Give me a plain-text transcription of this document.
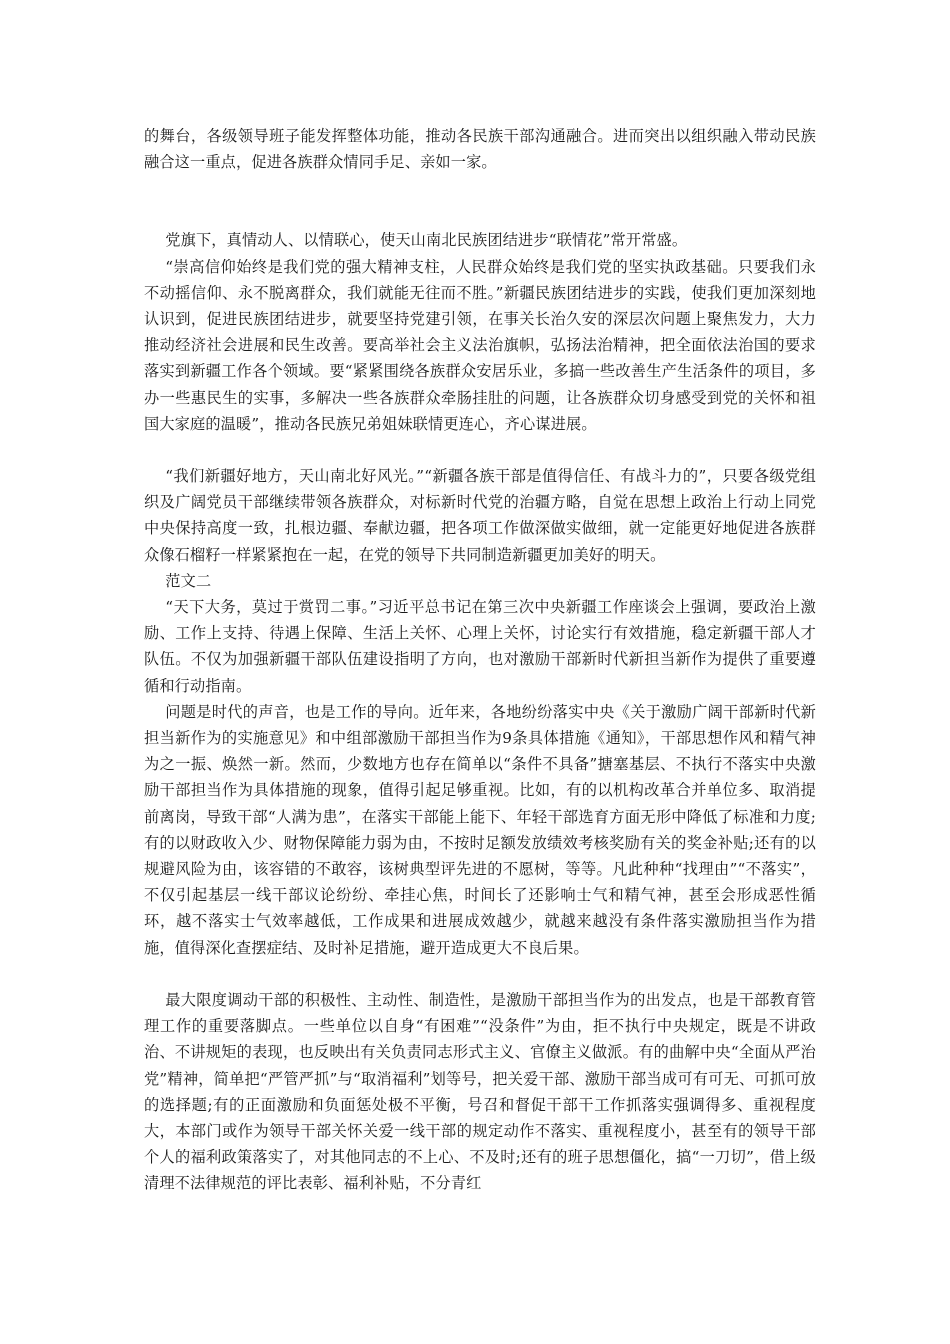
的舞台，各级领导班子能发挥整体功能，推动各民族干部沟通融合。进而突出以组织融入带动民族融合这一重点，促进各族群众情同手足、亲如一家。

党旗下，真情动人、以情联心，使天山南北民族团结进步“联情花”常开常盛。

“崇高信仰始终是我们党的强大精神支柱，人民群众始终是我们党的坚实执政基础。只要我们永不动摇信仰、永不脱离群众，我们就能无往而不胜。”新疆民族团结进步的实践，使我们更加深刻地认识到，促进民族团结进步，就要坚持党建引领，在事关长治久安的深层次问题上聚焦发力，大力推动经济社会进展和民生改善。要高举社会主义法治旗帜，弘扬法治精神，把全面依法治国的要求落实到新疆工作各个领域。要“紧紧围绕各族群众安居乐业，多搞一些改善生产生活条件的项目，多办一些惠民生的实事，多解决一些各族群众牵肠挂肚的问题，让各族群众切身感受到党的关怀和祖国大家庭的温暖”，推动各民族兄弟姐妹联情更连心，齐心谋进展。

“我们新疆好地方，天山南北好风光。”“新疆各族干部是值得信任、有战斗力的”，只要各级党组织及广阔党员干部继续带领各族群众，对标新时代党的治疆方略，自觉在思想上政治上行动上同党中央保持高度一致，扎根边疆、奉献边疆，把各项工作做深做实做细，就一定能更好地促进各族群众像石榴籽一样紧紧抱在一起，在党的领导下共同制造新疆更加美好的明天。

范文二

“天下大务，莫过于赏罚二事。”习近平总书记在第三次中央新疆工作座谈会上强调，要政治上激励、工作上支持、待遇上保障、生活上关怀、心理上关怀，讨论实行有效措施，稳定新疆干部人才队伍。不仅为加强新疆干部队伍建设指明了方向，也对激励干部新时代新担当新作为提供了重要遵循和行动指南。

问题是时代的声音，也是工作的导向。近年来，各地纷纷落实中央《关于激励广阔干部新时代新担当新作为的实施意见》和中组部激励干部担当作为9条具体措施《通知》，干部思想作风和精气神为之一振、焕然一新。然而，少数地方也存在简单以“条件不具备”搪塞基层、不执行不落实中央激励干部担当作为具体措施的现象，值得引起足够重视。比如，有的以机构改革合并单位多、取消提前离岗，导致干部“人满为患”，在落实干部能上能下、年轻干部选育方面无形中降低了标准和力度;有的以财政收入少、财物保障能力弱为由，不按时足额发放绩效考核奖励有关的奖金补贴;还有的以规避风险为由，该容错的不敢容，该树典型评先进的不愿树，等等。凡此种种“找理由”“不落实”，不仅引起基层一线干部议论纷纷、牵挂心焦，时间长了还影响士气和精气神，甚至会形成恶性循环，越不落实士气效率越低，工作成果和进展成效越少，就越来越没有条件落实激励担当作为措施，值得深化查摆症结、及时补足措施，避开造成更大不良后果。

最大限度调动干部的积极性、主动性、制造性，是激励干部担当作为的出发点，也是干部教育管理工作的重要落脚点。一些单位以自身“有困难”“没条件”为由，拒不执行中央规定，既是不讲政治、不讲规矩的表现，也反映出有关负责同志形式主义、官僚主义做派。有的曲解中央“全面从严治党”精神，简单把“严管严抓”与“取消福利”划等号，把关爱干部、激励干部当成可有可无、可抓可放的选择题;有的正面激励和负面惩处极不平衡，号召和督促干部干工作抓落实强调得多、重视程度大，本部门或作为领导干部关怀关爱一线干部的规定动作不落实、重视程度小，甚至有的领导干部个人的福利政策落实了，对其他同志的不上心、不及时;还有的班子思想僵化，搞“一刀切”，借上级清理不法律规范的评比表彰、福利补贴，不分青红
